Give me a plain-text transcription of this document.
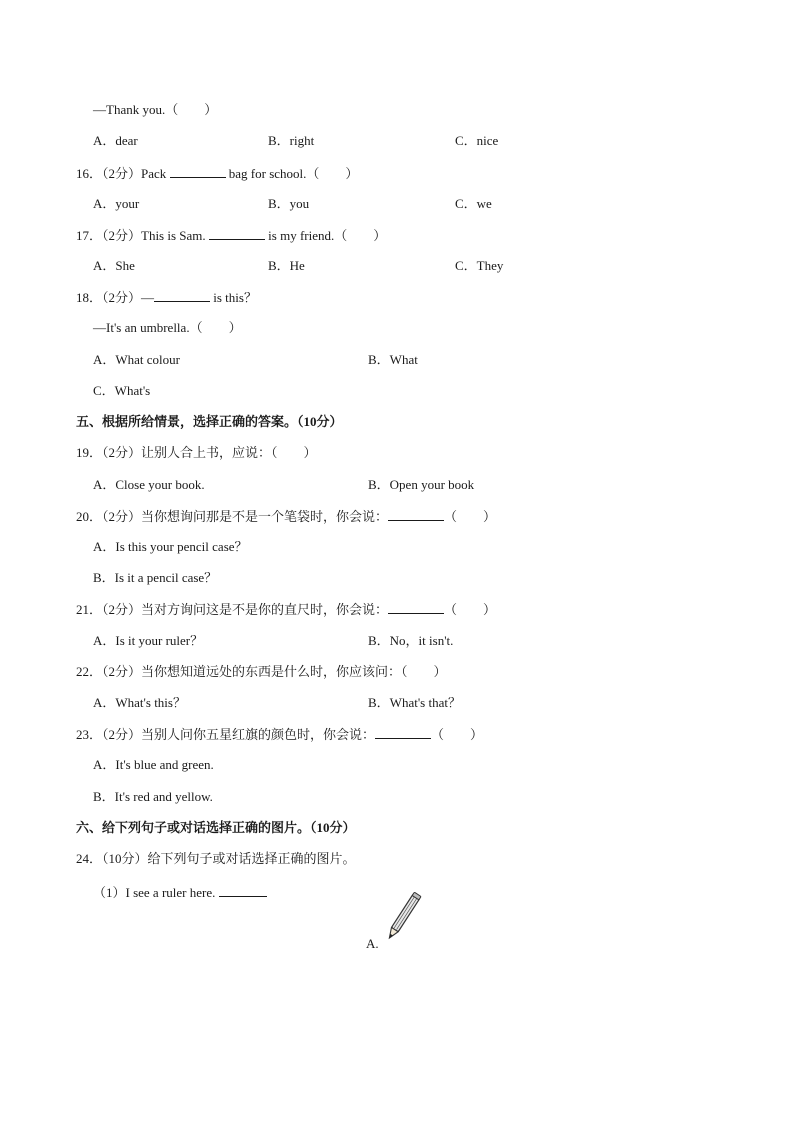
—Thank you.（　　）
A．dear	B．right	C．nice
16．（2分）Pack	bag for school.（　　）
A．your	B．you	C．we
17．（2分）This is Sam.	is my friend.（　　）
A．She	B．He	C．They
18．（2分）—	is this？
—It's an umbrella.（　　）
A．What colour	B．What
C．What's
五、根据所给情景，选择正确的答案。（10分）
19．（2分）让别人合上书，应说：（　　）
A．Close your book.	B．Open your book
20．（2分）当你想询问那是不是一个笔袋时，你会说：	（　　）
A．Is this your pencil case？
B．Is it a pencil case？
21．（2分）当对方询问这是不是你的直尺时，你会说：	（　　）
A．Is it your ruler？	B．No，it isn't.
22．（2分）当你想知道远处的东西是什么时，你应该问：（　　）
A．What's this？	B．What's that？
23．（2分）当别人问你五星红旗的颜色时，你会说：	（　　）
A．It's blue and green.
B．It's red and yellow.
六、给下列句子或对话选择正确的图片。（10分）
24．（10分）给下列句子或对话选择正确的图片。
（1）I see a ruler here.
A.
